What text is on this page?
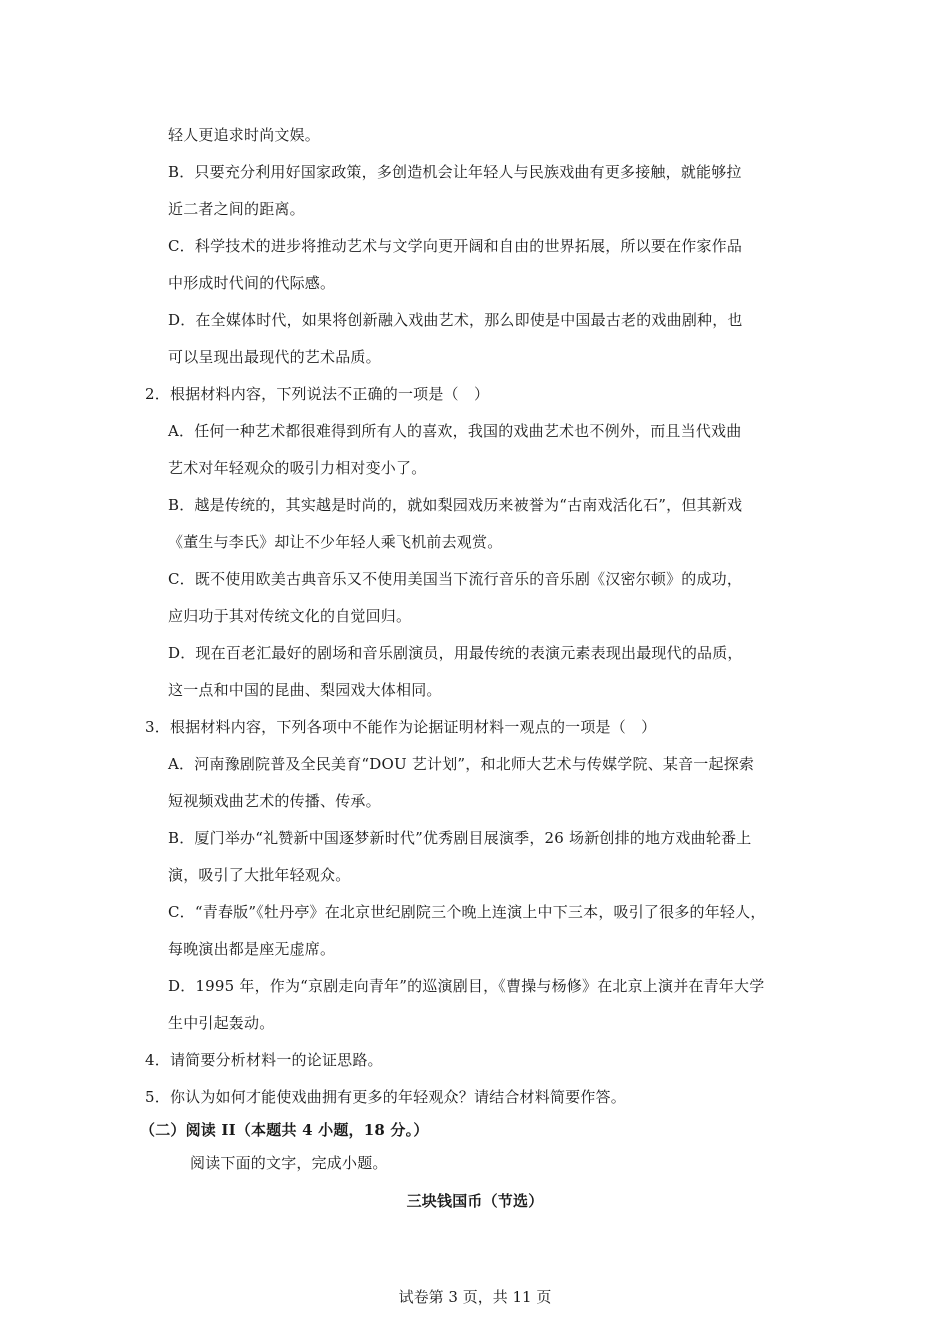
轻人更追求时尚文娱。
B．只要充分利用好国家政策，多创造机会让年轻人与民族戏曲有更多接触，就能够拉
近二者之间的距离。
C．科学技术的进步将推动艺术与文学向更开阔和自由的世界拓展，所以要在作家作品
中形成时代间的代际感。
D．在全媒体时代，如果将创新融入戏曲艺术，那么即使是中国最古老的戏曲剧种，也
可以呈现出最现代的艺术品质。
2．根据材料内容，下列说法不正确的一项是（　）
A．任何一种艺术都很难得到所有人的喜欢，我国的戏曲艺术也不例外，而且当代戏曲
艺术对年轻观众的吸引力相对变小了。
B．越是传统的，其实越是时尚的，就如梨园戏历来被誉为“古南戏活化石”，但其新戏
《董生与李氏》却让不少年轻人乘飞机前去观赏。
C．既不使用欧美古典音乐又不使用美国当下流行音乐的音乐剧《汉密尔顿》的成功，
应归功于其对传统文化的自觉回归。
D．现在百老汇最好的剧场和音乐剧演员，用最传统的表演元素表现出最现代的品质，
这一点和中国的昆曲、梨园戏大体相同。
3．根据材料内容，下列各项中不能作为论据证明材料一观点的一项是（　）
A．河南豫剧院普及全民美育“DOU 艺计划”，和北师大艺术与传媒学院、某音一起探索
短视频戏曲艺术的传播、传承。
B．厦门举办“礼赞新中国逐梦新时代”优秀剧目展演季，26 场新创排的地方戏曲轮番上
演，吸引了大批年轻观众。
C．“青春版”《牡丹亭》在北京世纪剧院三个晚上连演上中下三本，吸引了很多的年轻人，
每晚演出都是座无虚席。
D．1995 年，作为“京剧走向青年”的巡演剧目，《曹操与杨修》在北京上演并在青年大学
生中引起轰动。
4．请简要分析材料一的论证思路。
5．你认为如何才能使戏曲拥有更多的年轻观众？请结合材料简要作答。
（二）阅读 II（本题共 4 小题，18 分。）
阅读下面的文字，完成小题。
三块钱国币（节选）
试卷第 3 页，共 11 页
